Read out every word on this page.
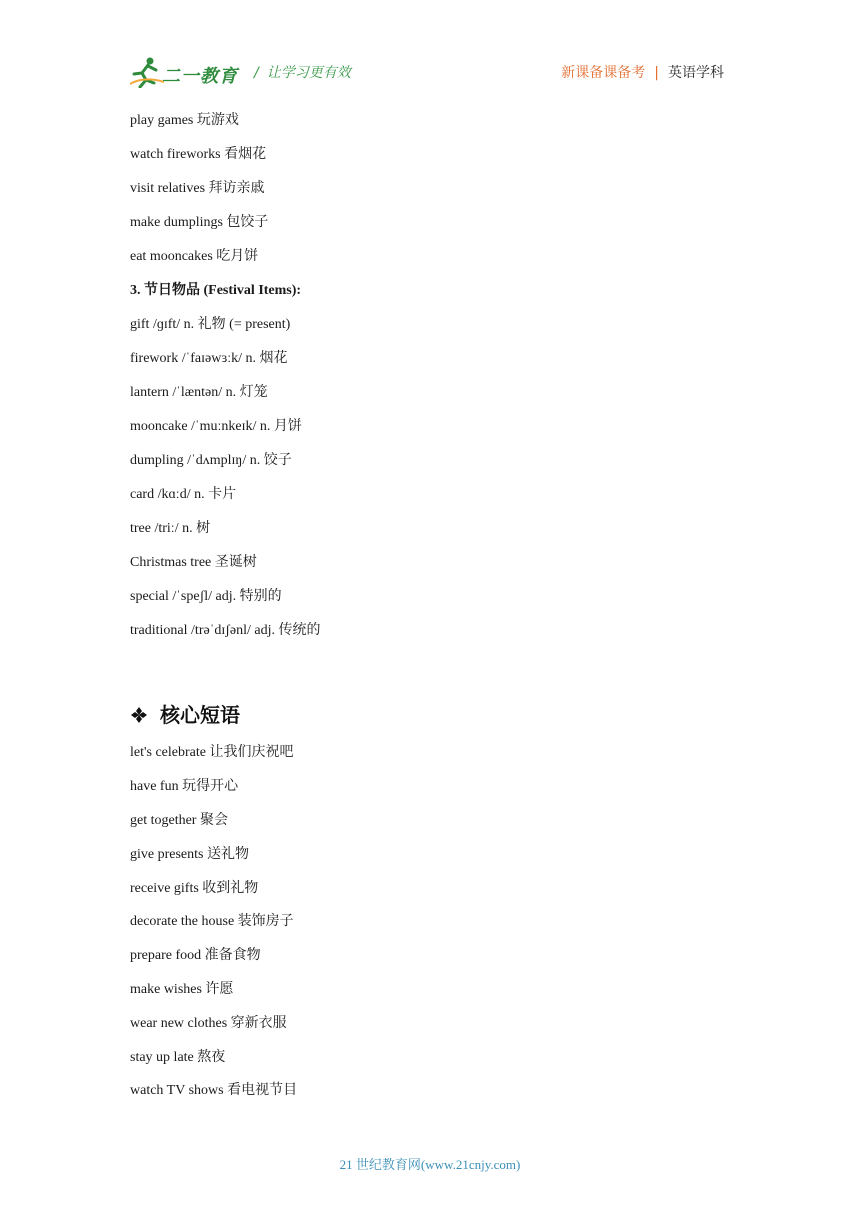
二一教育 / 让学习更有效	新课备课备考 | 英语学科
play games 玩游戏
watch fireworks 看烟花
visit relatives 拜访亲戚
make dumplings 包饺子
eat mooncakes 吃月饼
3. 节日物品 (Festival Items):
gift /ɡɪft/ n. 礼物 (= present)
firework /ˈfaɪəwɜːk/ n. 烟花
lantern /ˈlæntən/ n. 灯笼
mooncake /ˈmuːnkeɪk/ n. 月饼
dumpling /ˈdʌmplɪŋ/ n. 饺子
card /kɑːd/ n. 卡片
tree /triː/ n. 树
Christmas tree 圣诞树
special /ˈspeʃl/ adj. 特别的
traditional /trəˈdɪʃənl/ adj. 传统的
核心短语
let's celebrate 让我们庆祝吧
have fun 玩得开心
get together 聚会
give presents 送礼物
receive gifts 收到礼物
decorate the house 装饰房子
prepare food 准备食物
make wishes 许愿
wear new clothes 穿新衣服
stay up late 熬夜
watch TV shows 看电视节目
21 世纪教育网(www.21cnjy.com)
